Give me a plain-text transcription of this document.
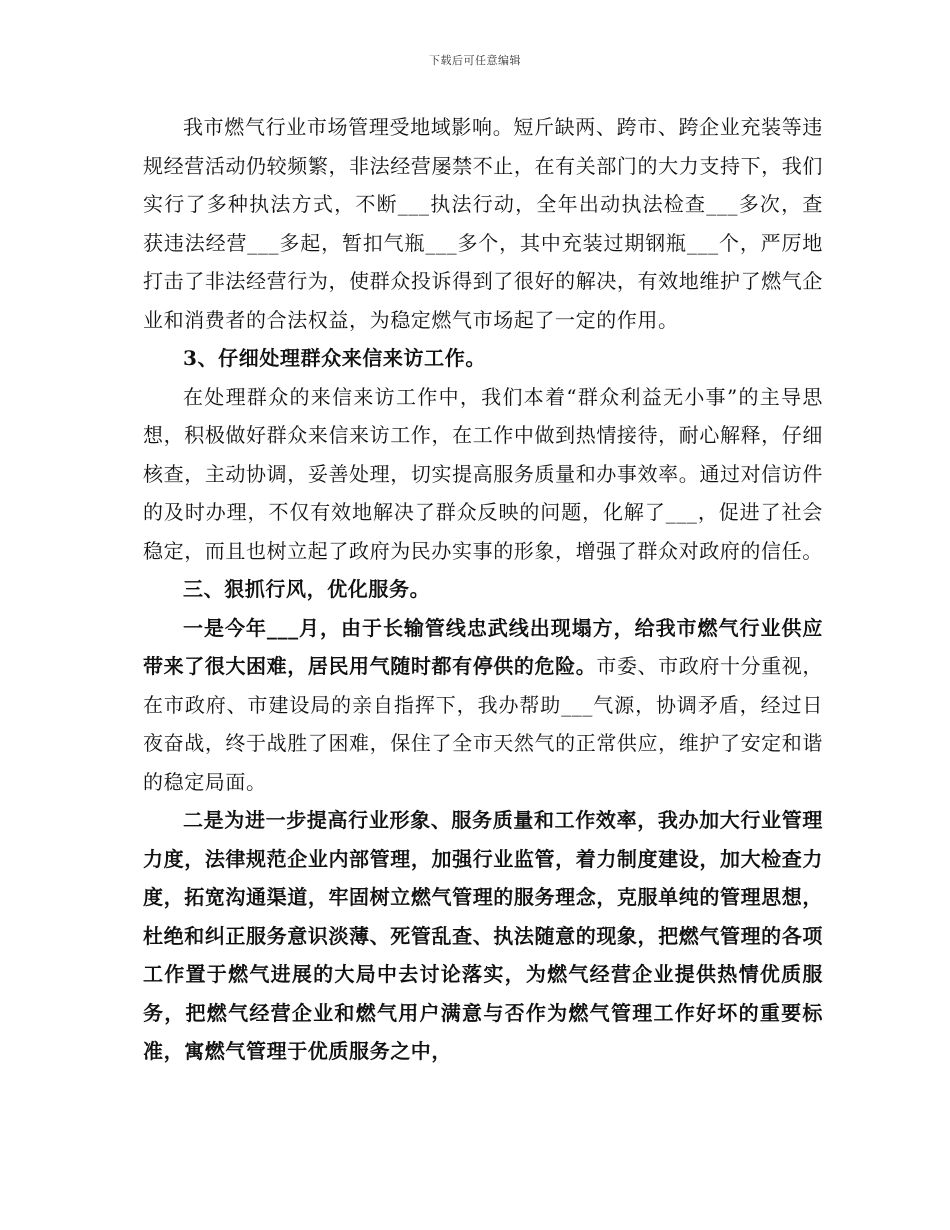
下载后可任意编辑

我市燃气行业市场管理受地域影响。短斤缺两、跨市、跨企业充装等违规经营活动仍较频繁，非法经营屡禁不止，在有关部门的大力支持下，我们实行了多种执法方式，不断___执法行动，全年出动执法检查___多次，查获违法经营___多起，暂扣气瓶___多个，其中充装过期钢瓶___个，严厉地打击了非法经营行为，使群众投诉得到了很好的解决，有效地维护了燃气企业和消费者的合法权益，为稳定燃气市场起了一定的作用。

3、仔细处理群众来信来访工作。

在处理群众的来信来访工作中，我们本着“群众利益无小事”的主导思想，积极做好群众来信来访工作，在工作中做到热情接待，耐心解释，仔细核查，主动协调，妥善处理，切实提高服务质量和办事效率。通过对信访件的及时办理，不仅有效地解决了群众反映的问题，化解了___，促进了社会稳定，而且也树立起了政府为民办实事的形象，增强了群众对政府的信任。

三、狠抓行风，优化服务。

一是今年___月，由于长输管线忠武线出现塌方，给我市燃气行业供应带来了很大困难，居民用气随时都有停供的危险。市委、市政府十分重视，在市政府、市建设局的亲自指挥下，我办帮助___气源，协调矛盾，经过日夜奋战，终于战胜了困难，保住了全市天然气的正常供应，维护了安定和谐的稳定局面。

二是为进一步提高行业形象、服务质量和工作效率，我办加大行业管理力度，法律规范企业内部管理，加强行业监管，着力制度建设，加大检查力度，拓宽沟通渠道，牢固树立燃气管理的服务理念，克服单纯的管理思想，杜绝和纠正服务意识淡薄、死管乱查、执法随意的现象，把燃气管理的各项工作置于燃气进展的大局中去讨论落实，为燃气经营企业提供热情优质服务，把燃气经营企业和燃气用户满意与否作为燃气管理工作好坏的重要标准，寓燃气管理于优质服务之中，
